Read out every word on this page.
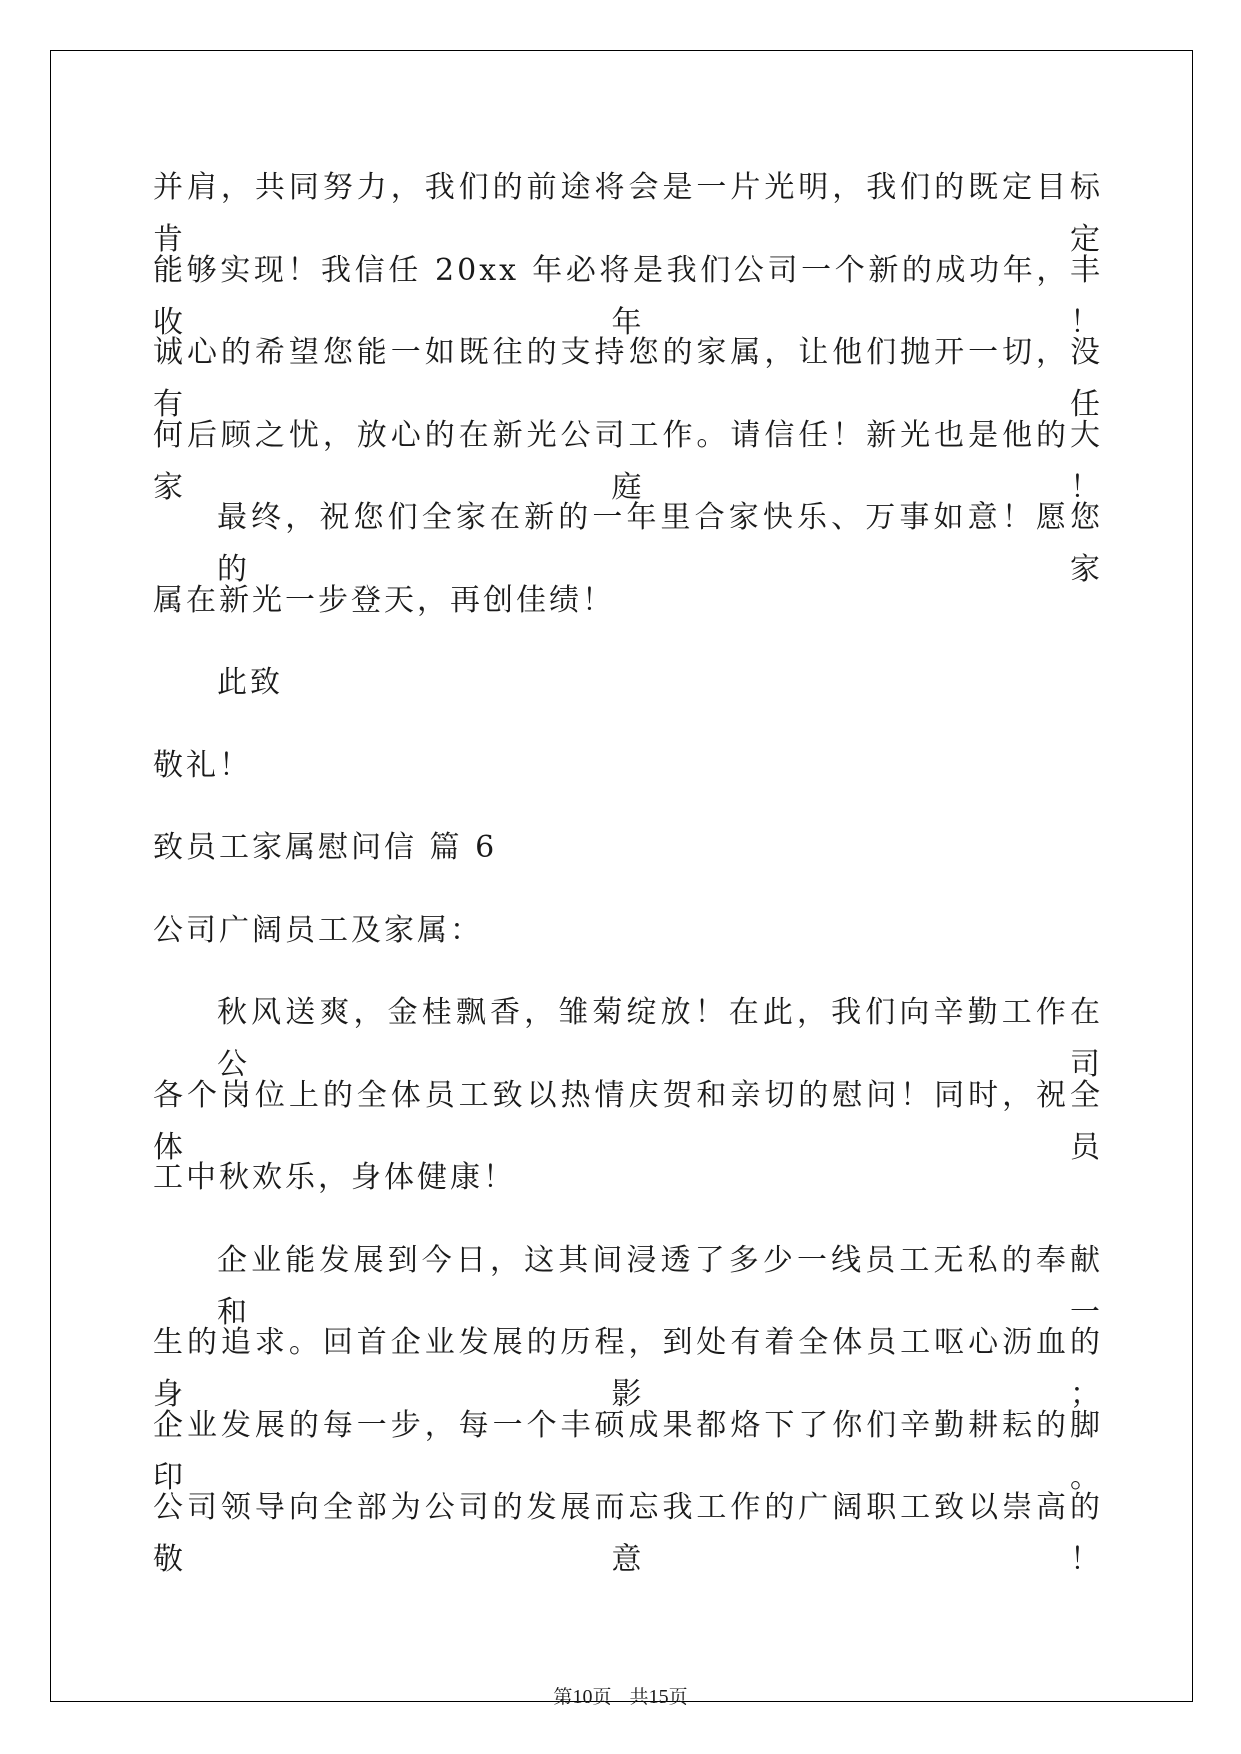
并肩，共同努力，我们的前途将会是一片光明，我们的既定目标肯定
能够实现！我信任 20xx 年必将是我们公司一个新的成功年，丰收年！
诚心的希望您能一如既往的支持您的家属，让他们抛开一切，没有任
何后顾之忧，放心的在新光公司工作。请信任！新光也是他的大家庭！
最终，祝您们全家在新的一年里合家快乐、万事如意！愿您的家
属在新光一步登天，再创佳绩！
此致
敬礼！
致员工家属慰问信 篇 6
公司广阔员工及家属：
秋风送爽，金桂飘香，雏菊绽放！在此，我们向辛勤工作在公司
各个岗位上的全体员工致以热情庆贺和亲切的慰问！同时，祝全体员
工中秋欢乐，身体健康！
企业能发展到今日，这其间浸透了多少一线员工无私的奉献和一
生的追求。回首企业发展的历程，到处有着全体员工呕心沥血的身影；
企业发展的每一步，每一个丰硕成果都烙下了你们辛勤耕耘的脚印。
公司领导向全部为公司的发展而忘我工作的广阔职工致以崇高的敬意！
第10页   共15页
